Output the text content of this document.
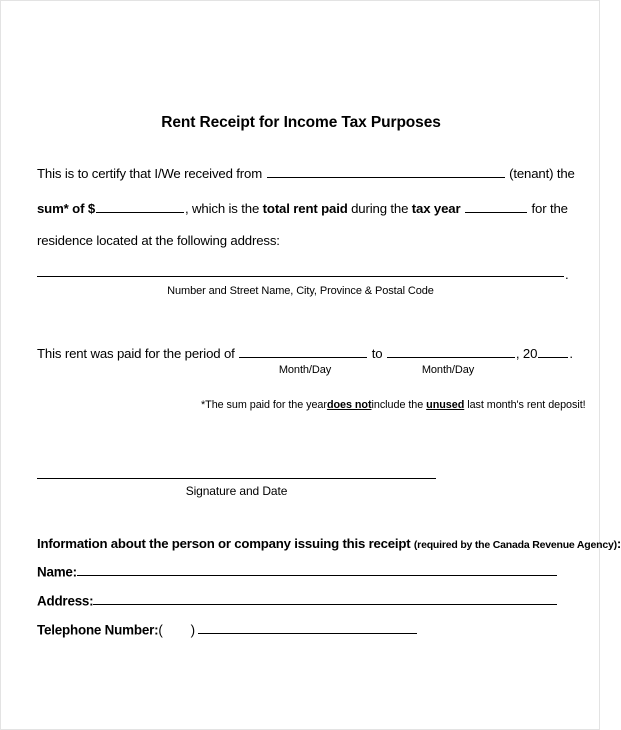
Rent Receipt for Income Tax Purposes
This is to certify that I/We received from	(tenant) the
sum* of $	, which is the total rent paid during the tax year	for the
residence located at the following address:
.
Number and Street Name, City, Province & Postal Code
This rent was paid for the period of	to	, 20 .
Month/Day	Month/Day
*The sum paid for the yeardoes notinclude the unused last month's rent deposit!
Signature and Date
Information about the person or company issuing this receipt (required by the Canada Revenue Agency):
Name:
Address:
Telephone Number:( )
